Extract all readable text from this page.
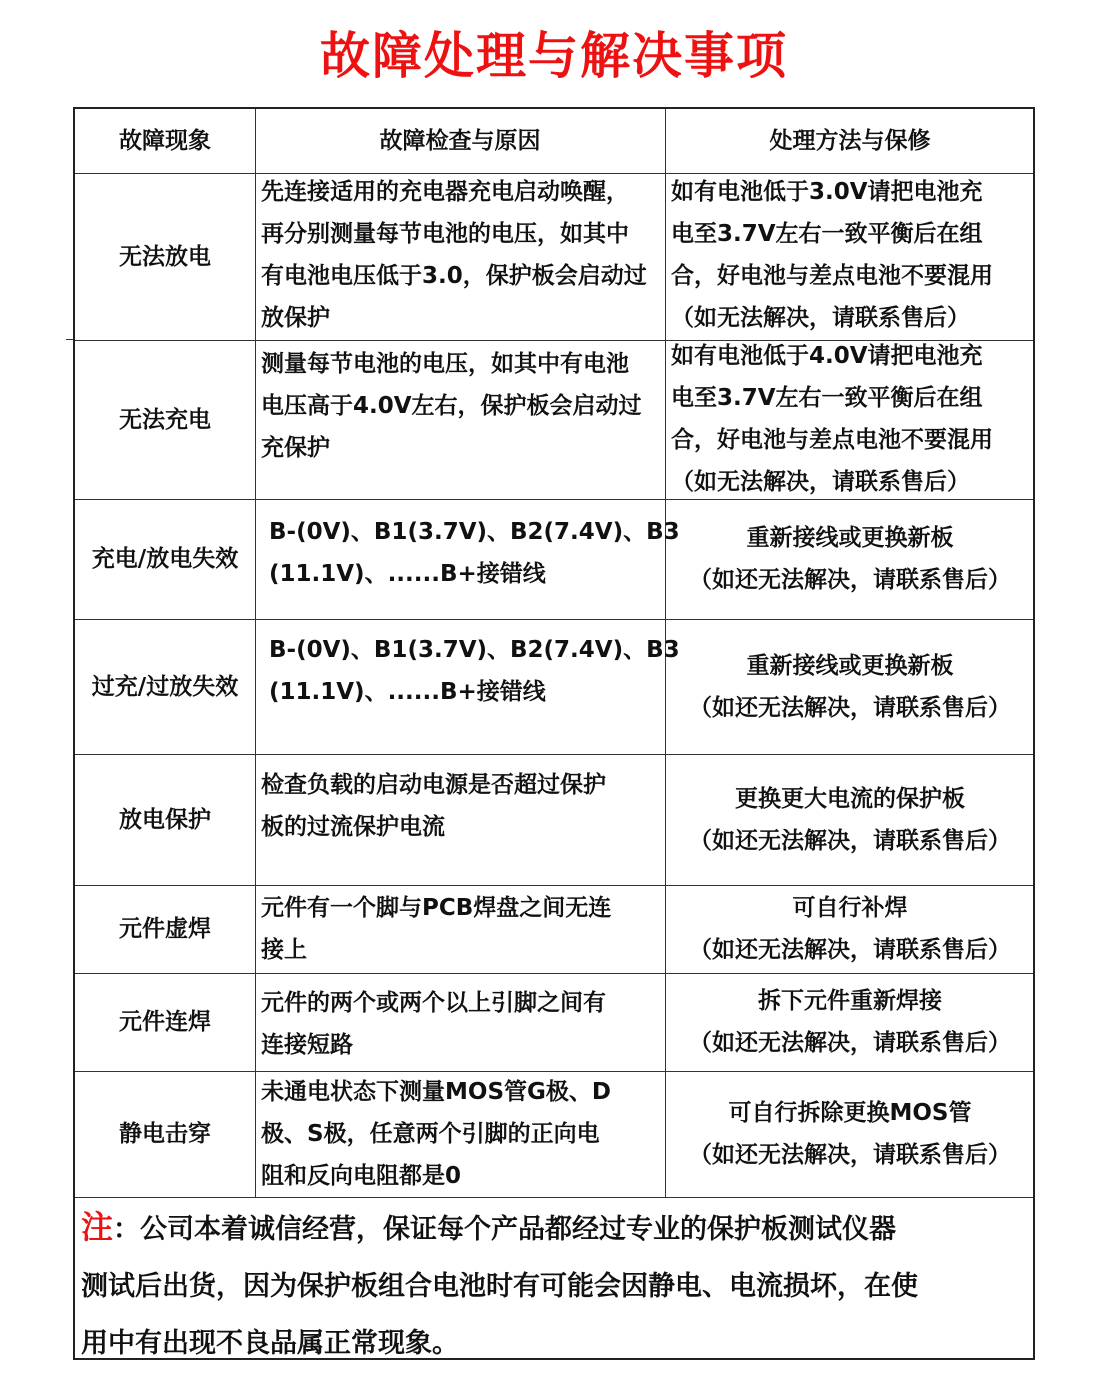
故障处理与解决事项
故障现象	故障检查与原因	处理方法与保修
无法放电
先连接适用的充电器充电启动唤醒，
再分别测量每节电池的电压，如其中
有电池电压低于3.0，保护板会启动过
放保护
如有电池低于3.0V请把电池充
电至3.7V左右一致平衡后在组
合，好电池与差点电池不要混用
（如无法解决，请联系售后）
无法充电
测量每节电池的电压，如其中有电池
电压高于4.0V左右，保护板会启动过
充保护
如有电池低于4.0V请把电池充
电至3.7V左右一致平衡后在组
合，好电池与差点电池不要混用
（如无法解决，请联系售后）
充电/放电失效
B-(0V)、B1(3.7V)、B2(7.4V)、B3
(11.1V)、......B+接错线
重新接线或更换新板
（如还无法解决，请联系售后）
过充/过放失效
B-(0V)、B1(3.7V)、B2(7.4V)、B3
(11.1V)、......B+接错线
重新接线或更换新板
（如还无法解决，请联系售后）
放电保护
检查负载的启动电源是否超过保护
板的过流保护电流
更换更大电流的保护板
（如还无法解决，请联系售后）
元件虚焊
元件有一个脚与PCB焊盘之间无连
接上
可自行补焊
（如还无法解决，请联系售后）
元件连焊
元件的两个或两个以上引脚之间有
连接短路
拆下元件重新焊接
（如还无法解决，请联系售后）
静电击穿
未通电状态下测量MOS管G极、D
极、S极，任意两个引脚的正向电
阻和反向电阻都是0
可自行拆除更换MOS管
（如还无法解决，请联系售后）
注：公司本着诚信经营，保证每个产品都经过专业的保护板测试仪器
测试后出货，因为保护板组合电池时有可能会因静电、电流损坏，在使
用中有出现不良品属正常现象。
